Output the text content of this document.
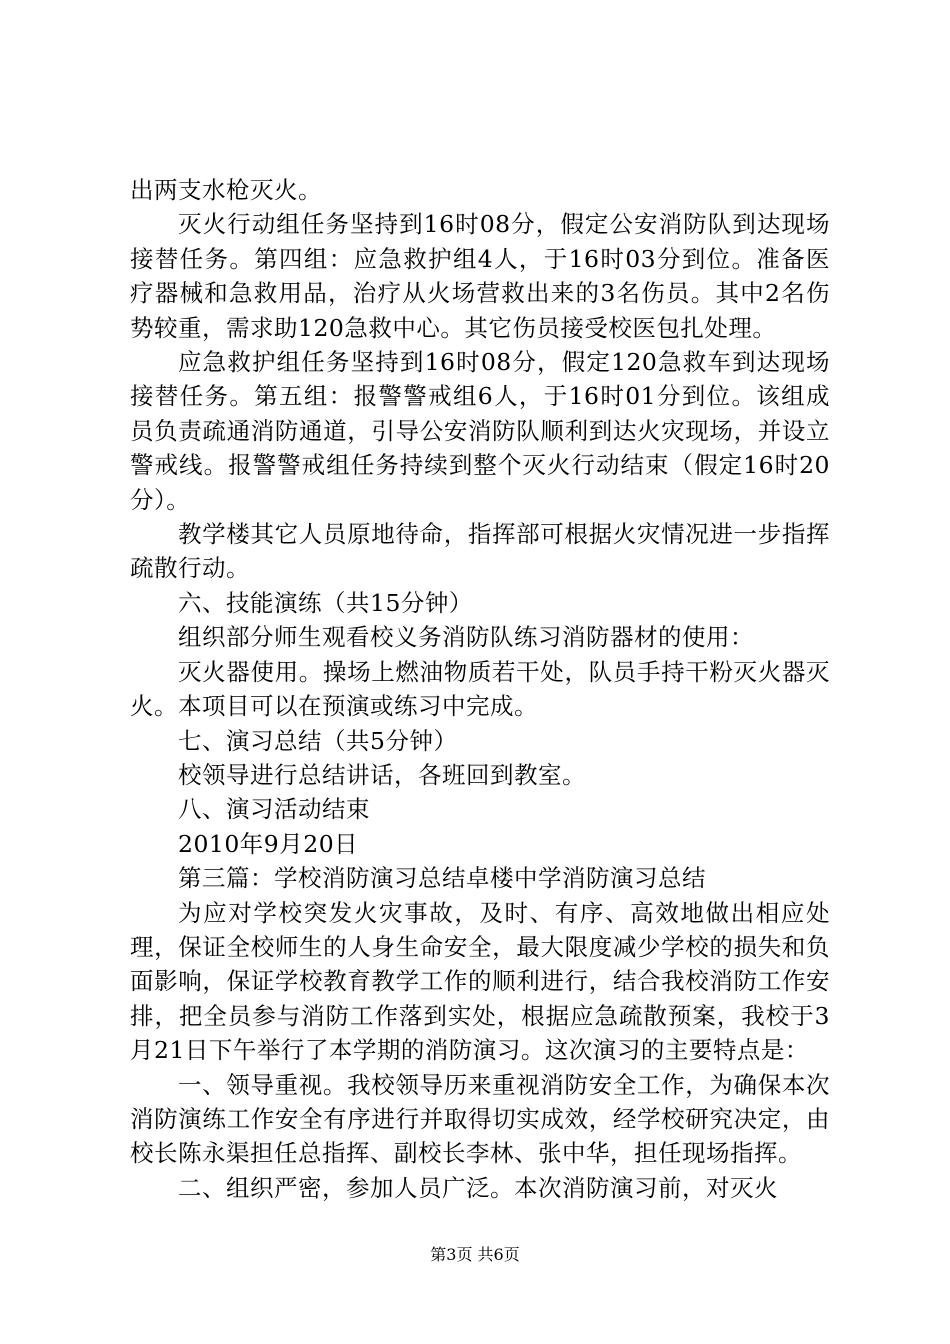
出两支水枪灭火。

灭火行动组任务坚持到16时08分，假定公安消防队到达现场接替任务。第四组：应急救护组4人，于16时03分到位。准备医疗器械和急救用品，治疗从火场营救出来的3名伤员。其中2名伤势较重，需求助120急救中心。其它伤员接受校医包扎处理。

应急救护组任务坚持到16时08分，假定120急救车到达现场接替任务。第五组：报警警戒组6人，于16时01分到位。该组成员负责疏通消防通道，引导公安消防队顺利到达火灾现场，并设立警戒线。报警警戒组任务持续到整个灭火行动结束（假定16时20分）。

教学楼其它人员原地待命，指挥部可根据火灾情况进一步指挥疏散行动。

六、技能演练（共15分钟）

组织部分师生观看校义务消防队练习消防器材的使用：

灭火器使用。操场上燃油物质若干处，队员手持干粉灭火器灭火。本项目可以在预演或练习中完成。

七、演习总结（共5分钟）

校领导进行总结讲话，各班回到教室。

八、演习活动结束

2010年9月20日

第三篇：学校消防演习总结卓楼中学消防演习总结

为应对学校突发火灾事故，及时、有序、高效地做出相应处理，保证全校师生的人身生命安全，最大限度减少学校的损失和负面影响，保证学校教育教学工作的顺利进行，结合我校消防工作安排，把全员参与消防工作落到实处，根据应急疏散预案，我校于3月21日下午举行了本学期的消防演习。这次演习的主要特点是：

一、领导重视。我校领导历来重视消防安全工作，为确保本次消防演练工作安全有序进行并取得切实成效，经学校研究决定，由校长陈永渠担任总指挥、副校长李林、张中华，担任现场指挥。

二、组织严密，参加人员广泛。本次消防演习前，对灭火

第3页 共6页
